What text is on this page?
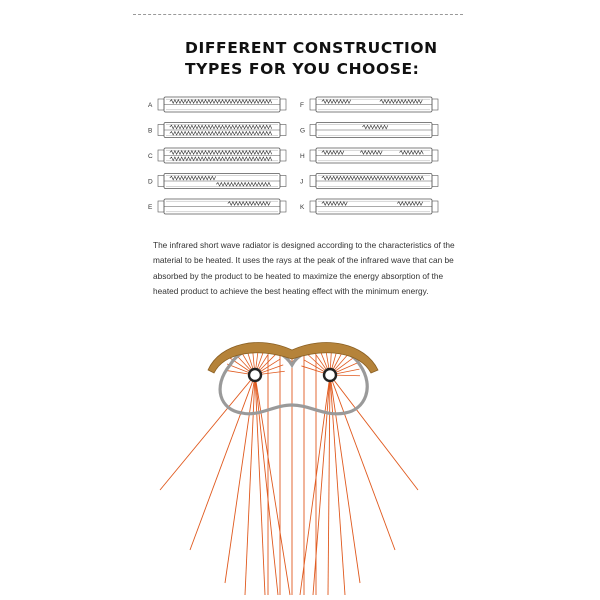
DIFFERENT CONSTRUCTION
TYPES FOR YOU CHOOSE:
A
B
C
D
E
F
G
H
J
K

The infrared short wave radiator is designed according to the characteristics of the material to be heated. It uses the rays at the peak of the infrared wave that can be absorbed by the product to be heated to maximize the energy absorption of the heated product to achieve the best heating effect with the minimum energy.
